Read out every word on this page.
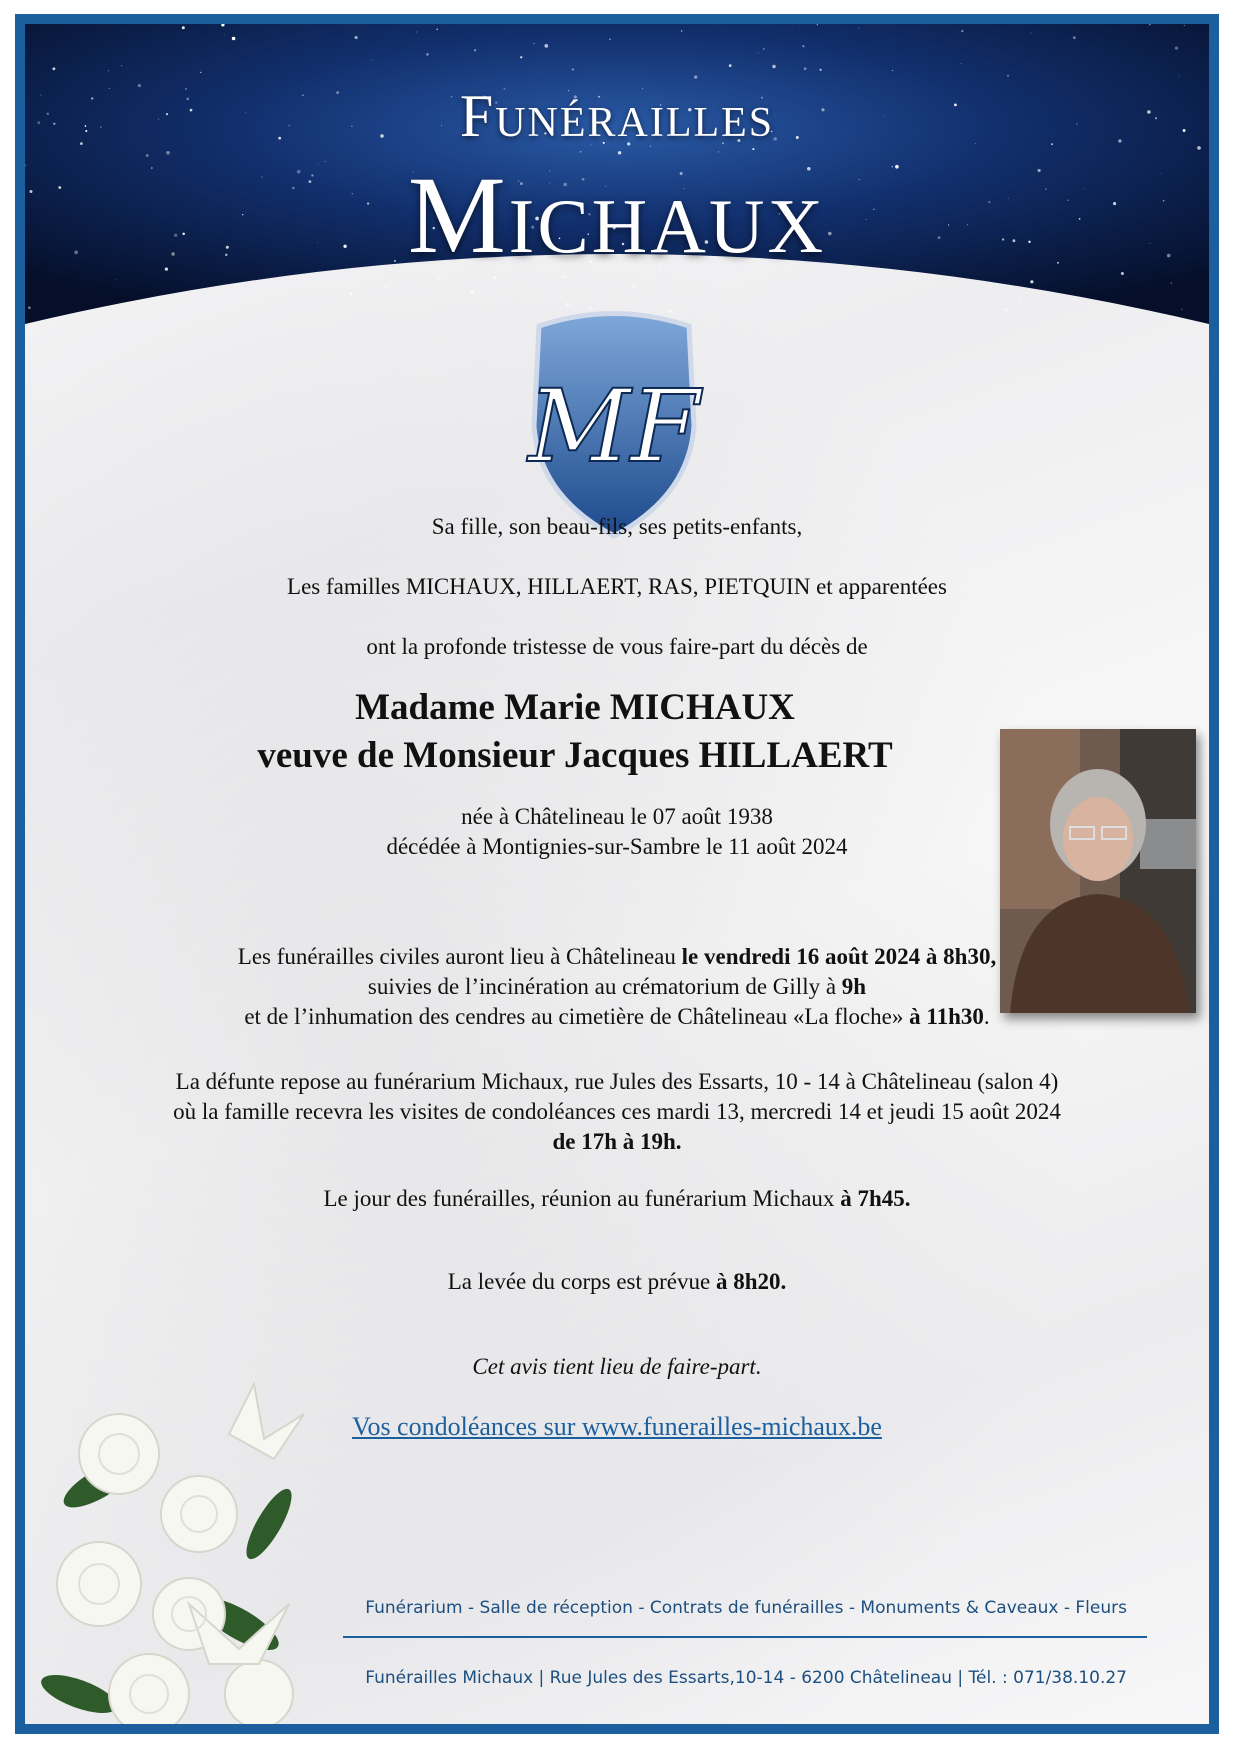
Funérailles
Michaux
MF
Sa fille, son beau-fils, ses petits-enfants,
Les familles MICHAUX, HILLAERT, RAS, PIETQUIN et apparentées
ont la profonde tristesse de vous faire-part du décès de
Madame Marie MICHAUX
veuve de Monsieur Jacques HILLAERT
née à Châtelineau le 07 août 1938
décédée à Montignies-sur-Sambre le 11 août 2024
Les funérailles civiles auront lieu à Châtelineau le vendredi 16 août 2024 à 8h30,
suivies de l’incinération au crématorium de Gilly à 9h
et de l’inhumation des cendres au cimetière de Châtelineau «La floche» à 11h30.
La défunte repose au funérarium Michaux, rue Jules des Essarts, 10 - 14 à Châtelineau (salon 4)
où la famille recevra les visites de condoléances ces mardi 13, mercredi 14 et jeudi 15 août 2024
de 17h à 19h.
Le jour des funérailles, réunion au funérarium Michaux à 7h45.
La levée du corps est prévue à 8h20.
Cet avis tient lieu de faire-part.
Vos condoléances sur www.funerailles-michaux.be
Funérarium - Salle de réception - Contrats de funérailles - Monuments & Caveaux - Fleurs
Funérailles Michaux | Rue Jules des Essarts,10-14 - 6200 Châtelineau | Tél. : 071/38.10.27
